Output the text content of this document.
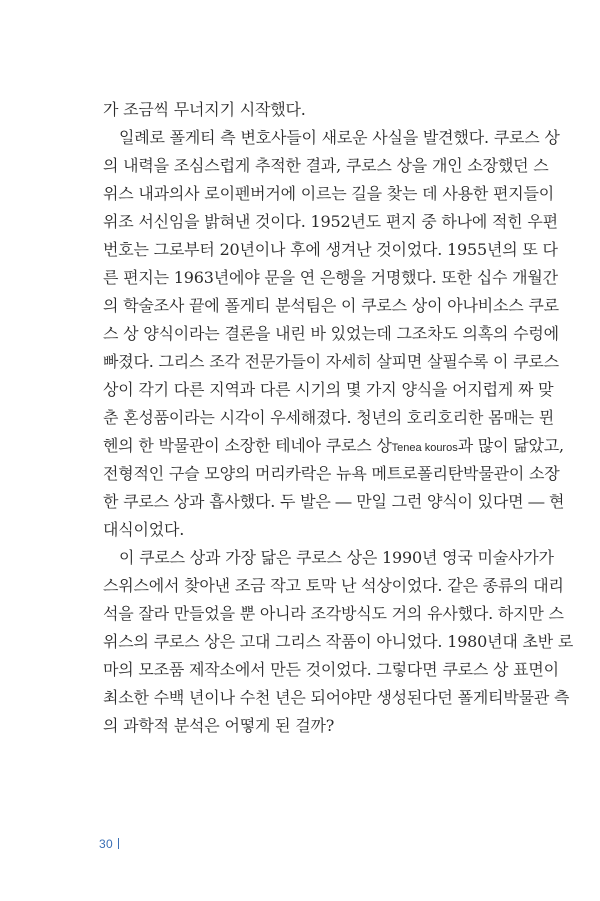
가 조금씩 무너지기 시작했다.
일례로 폴게티 측 변호사들이 새로운 사실을 발견했다. 쿠로스 상
의 내력을 조심스럽게 추적한 결과, 쿠로스 상을 개인 소장했던 스
위스 내과의사 로이펜버거에 이르는 길을 찾는 데 사용한 편지들이
위조 서신임을 밝혀낸 것이다. 1952년도 편지 중 하나에 적힌 우편
번호는 그로부터 20년이나 후에 생겨난 것이었다. 1955년의 또 다
른 편지는 1963년에야 문을 연 은행을 거명했다. 또한 십수 개월간
의 학술조사 끝에 폴게티 분석팀은 이 쿠로스 상이 아나비소스 쿠로
스 상 양식이라는 결론을 내린 바 있었는데 그조차도 의혹의 수렁에
빠졌다. 그리스 조각 전문가들이 자세히 살피면 살필수록 이 쿠로스
상이 각기 다른 지역과 다른 시기의 몇 가지 양식을 어지럽게 짜 맞
춘 혼성품이라는 시각이 우세해졌다. 청년의 호리호리한 몸매는 뮌
헨의 한 박물관이 소장한 테네아 쿠로스 상Tenea kouros과 많이 닮았고,
전형적인 구슬 모양의 머리카락은 뉴욕 메트로폴리탄박물관이 소장
한 쿠로스 상과 흡사했다. 두 발은 ― 만일 그런 양식이 있다면 ― 현
대식이었다.
이 쿠로스 상과 가장 닮은 쿠로스 상은 1990년 영국 미술사가가
스위스에서 찾아낸 조금 작고 토막 난 석상이었다. 같은 종류의 대리
석을 잘라 만들었을 뿐 아니라 조각방식도 거의 유사했다. 하지만 스
위스의 쿠로스 상은 고대 그리스 작품이 아니었다. 1980년대 초반 로
마의 모조품 제작소에서 만든 것이었다. 그렇다면 쿠로스 상 표면이
최소한 수백 년이나 수천 년은 되어야만 생성된다던 폴게티박물관 측
의 과학적 분석은 어떻게 된 걸까?
30
